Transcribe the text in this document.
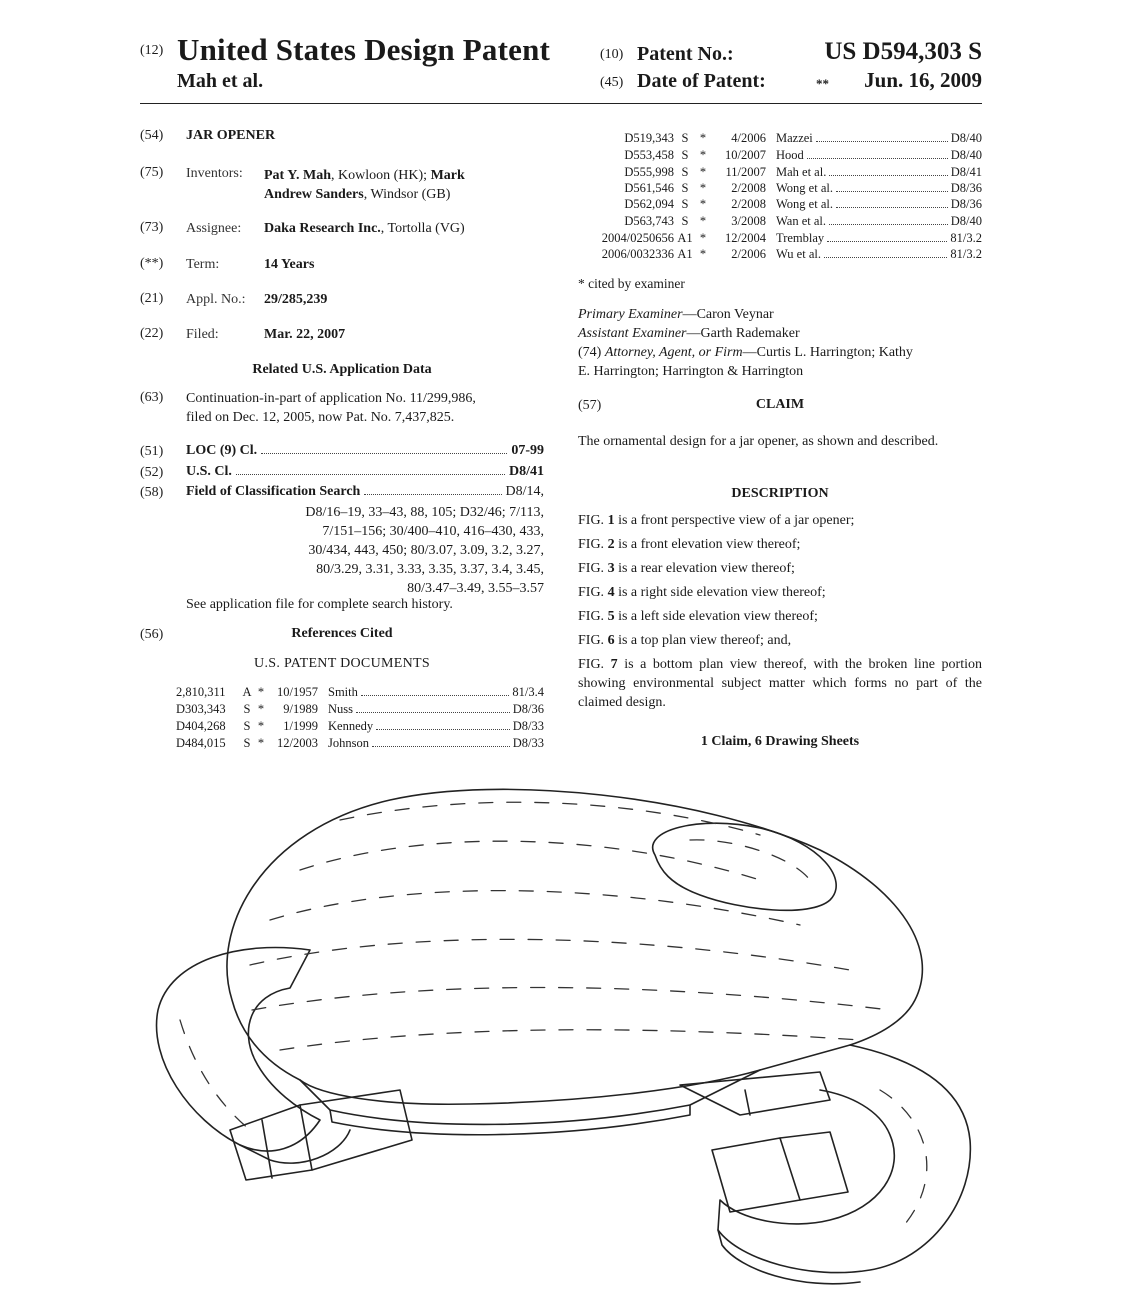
(12) United States Design Patent
Mah et al.
(10) Patent No.:	US D594,303 S
(45) Date of Patent:	** Jun. 16, 2009
(54) JAR OPENER
(75) Inventors: Pat Y. Mah, Kowloon (HK); Mark
Andrew Sanders, Windsor (GB)
(73) Assignee: Daka Research Inc., Tortolla (VG)
(**) Term:	14 Years
(21) Appl. No.: 29/285,239
(22) Filed:	Mar. 22, 2007
Related U.S. Application Data
(63) Continuation-in-part of application No. 11/299,986,
filed on Dec. 12, 2005, now Pat. No. 7,437,825.
(51) LOC (9) Cl.	07-99
(52) U.S. Cl.	D8/41
(58) Field of Classification Search	D8/14,
D8/16–19, 33–43, 88, 105; D32/46; 7/113,
7/151–156; 30/400–410, 416–430, 433,
30/434, 443, 450; 80/3.07, 3.09, 3.2, 3.27,
80/3.29, 3.31, 3.33, 3.35, 3.37, 3.4, 3.45,
80/3.47–3.49, 3.55–3.57
See application file for complete search history.
(56)	References Cited
U.S. PATENT DOCUMENTS
2,810,311	A *	10/1957 Smith	81/3.4
D303,343	S *	9/1989 Nuss	D8/36
D404,268	S *	1/1999 Kennedy	D8/33
D484,015	S *	12/2003 Johnson	D8/33
D519,343 S *	4/2006 Mazzei	D8/40
D553,458 S *	10/2007 Hood	D8/40
D555,998 S *	11/2007 Mah et al.	D8/41
D561,546 S *	2/2008 Wong et al.	D8/36
D562,094 S *	2/2008 Wong et al.	D8/36
D563,743 S *	3/2008 Wan et al.	D8/40
2004/0250656 A1 *	12/2004 Tremblay	81/3.2
2006/0032336 A1 *	2/2006 Wu et al.	81/3.2
* cited by examiner
Primary Examiner—Caron Veynar
Assistant Examiner—Garth Rademaker
(74) Attorney, Agent, or Firm—Curtis L. Harrington; Kathy
E. Harrington; Harrington & Harrington
(57)	CLAIM
The ornamental design for a jar opener, as shown and described.
DESCRIPTION
FIG. 1 is a front perspective view of a jar opener;
FIG. 2 is a front elevation view thereof;
FIG. 3 is a rear elevation view thereof;
FIG. 4 is a right side elevation view thereof;
FIG. 5 is a left side elevation view thereof;
FIG. 6 is a top plan view thereof; and,
FIG. 7 is a bottom plan view thereof, with the broken line portion showing environmental subject matter which forms no part of the claimed design.
1 Claim, 6 Drawing Sheets
